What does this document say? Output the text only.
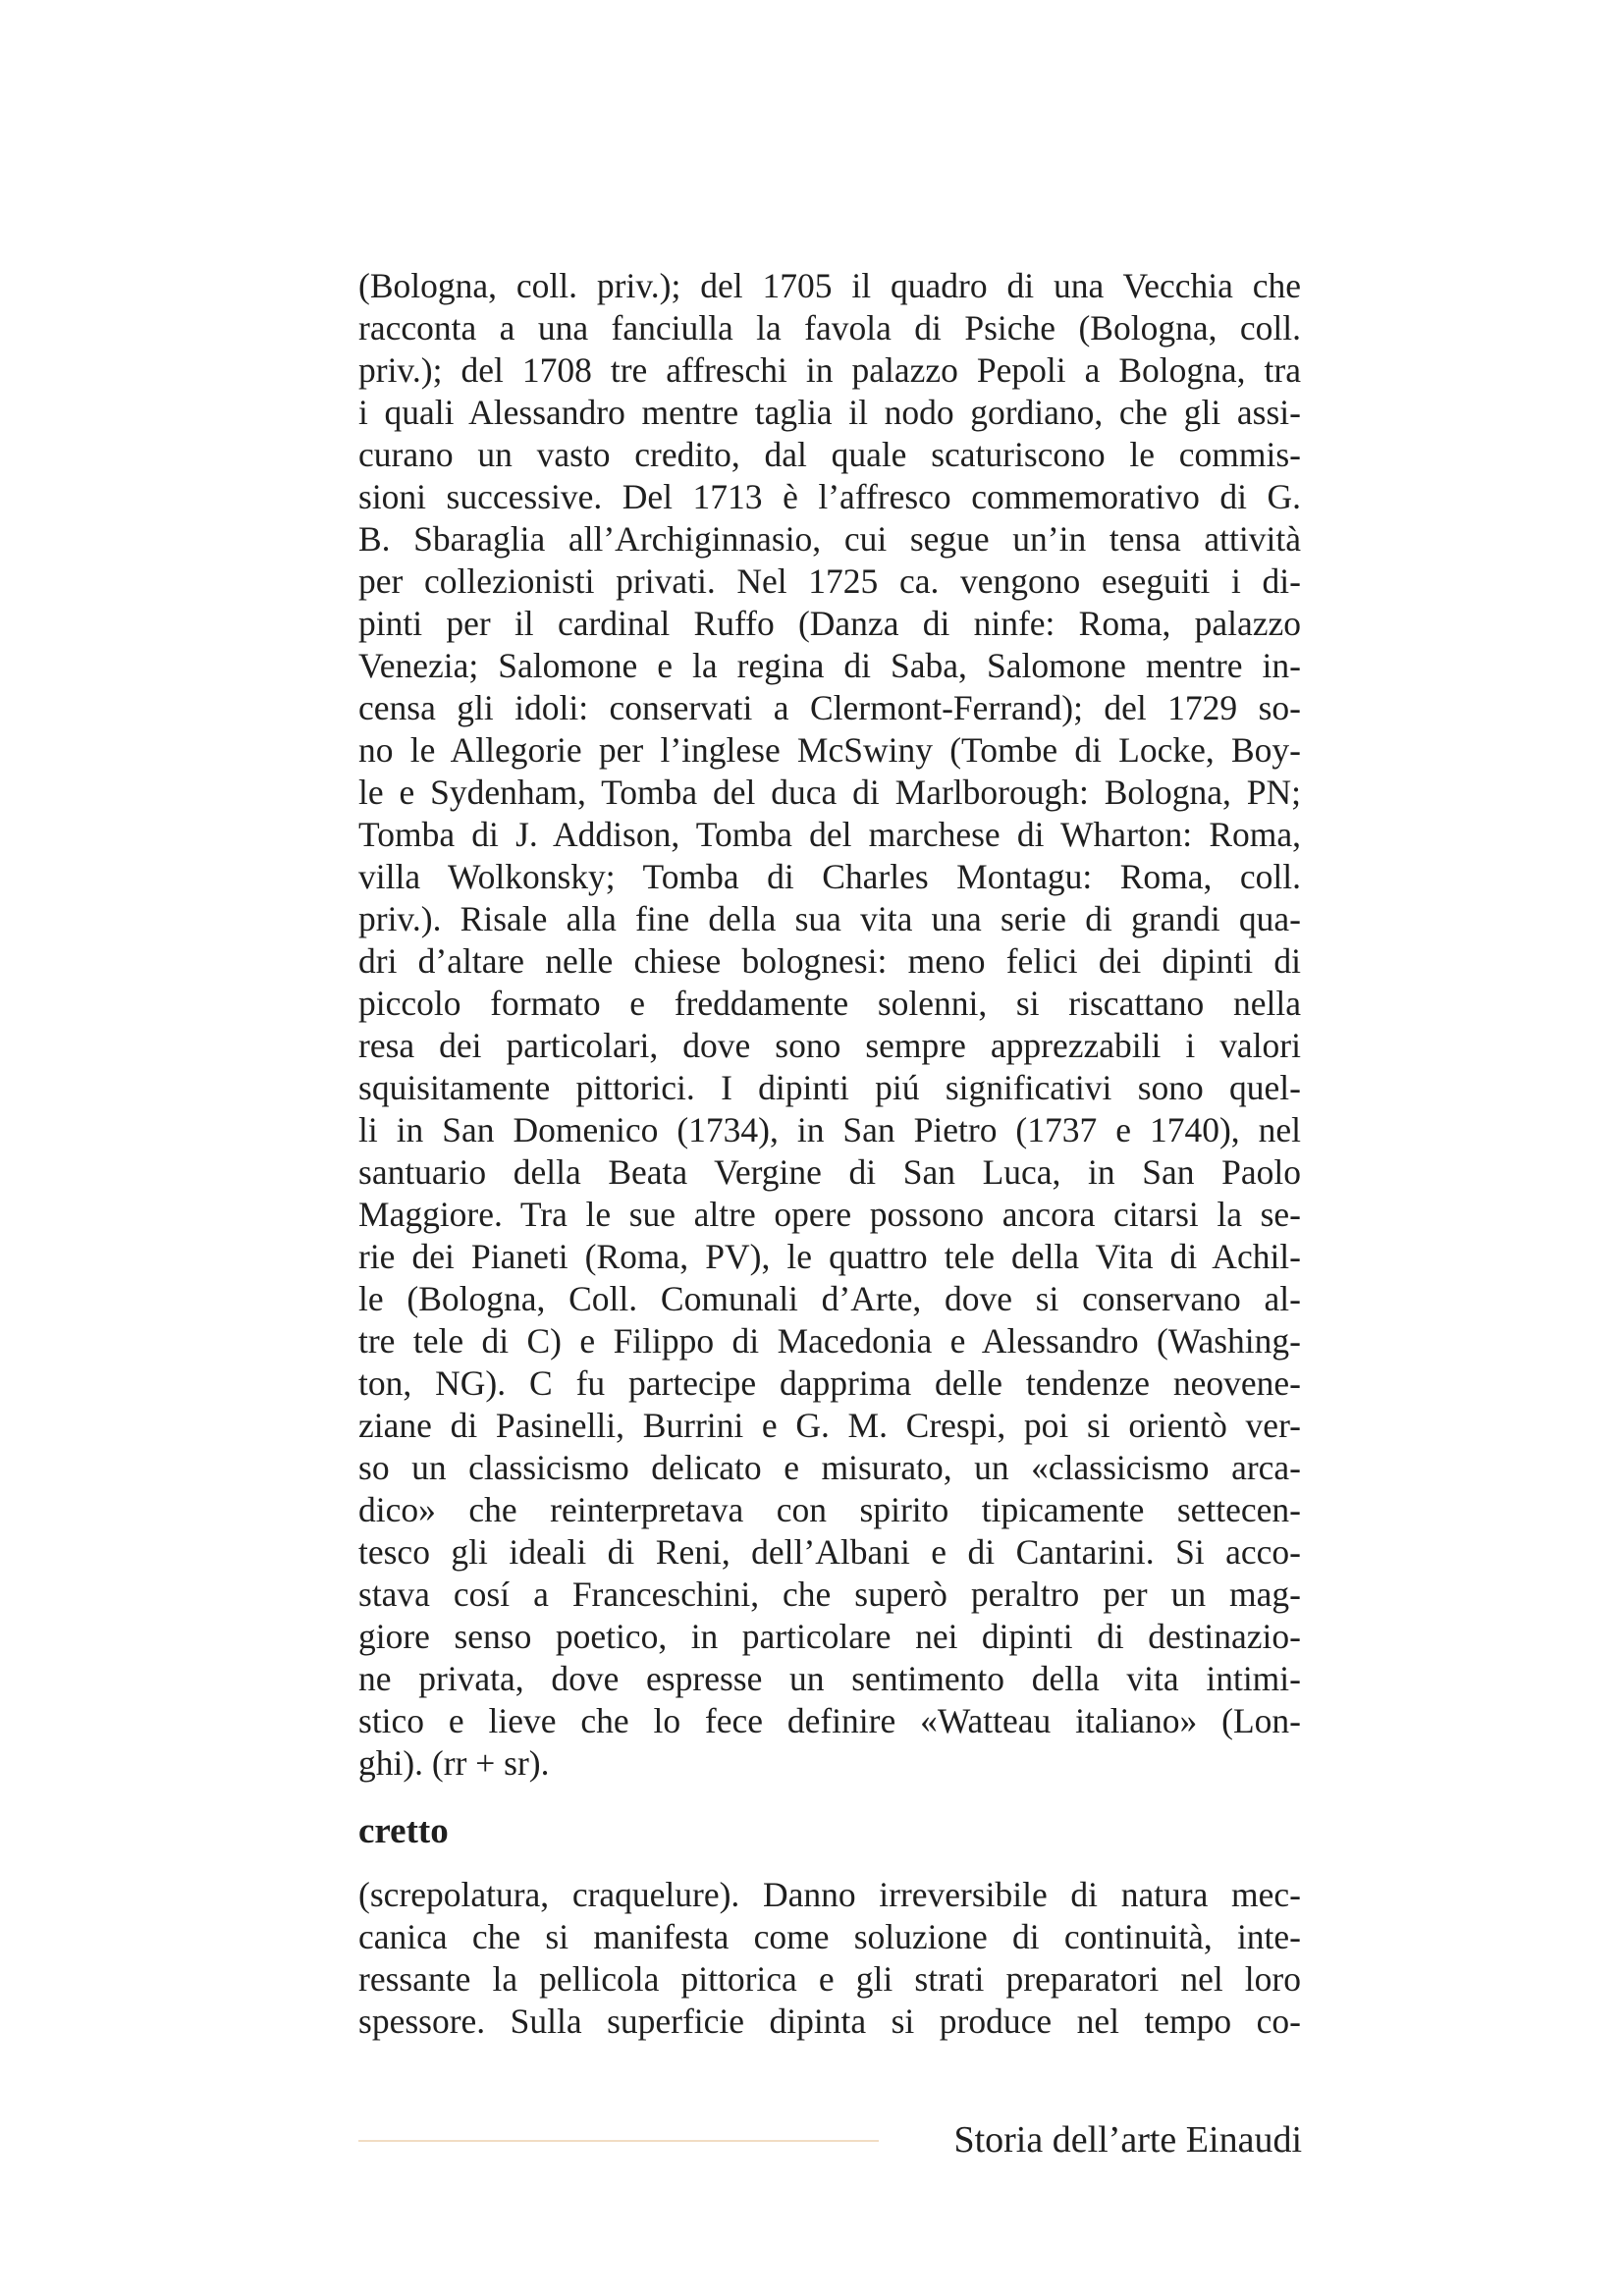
(Bologna, coll. priv.); del 1705 il quadro di una Vecchia che
racconta a una fanciulla la favola di Psiche (Bologna, coll.
priv.); del 1708 tre affreschi in palazzo Pepoli a Bologna, tra
i quali Alessandro mentre taglia il nodo gordiano, che gli assi-
curano un vasto credito, dal quale scaturiscono le commis-
sioni successive. Del 1713 è l’affresco commemorativo di G.
B. Sbaraglia all’Archiginnasio, cui segue un’in tensa attività
per collezionisti privati. Nel 1725 ca. vengono eseguiti i di-
pinti per il cardinal Ruffo (Danza di ninfe: Roma, palazzo
Venezia; Salomone e la regina di Saba, Salomone mentre in-
censa gli idoli: conservati a Clermont-Ferrand); del 1729 so-
no le Allegorie per l’inglese McSwiny (Tombe di Locke, Boy-
le e Sydenham, Tomba del duca di Marlborough: Bologna, PN;
Tomba di J. Addison, Tomba del marchese di Wharton: Roma,
villa Wolkonsky; Tomba di Charles Montagu: Roma, coll.
priv.). Risale alla fine della sua vita una serie di grandi qua-
dri d’altare nelle chiese bolognesi: meno felici dei dipinti di
piccolo formato e freddamente solenni, si riscattano nella
resa dei particolari, dove sono sempre apprezzabili i valori
squisitamente pittorici. I dipinti piú significativi sono quel-
li in San Domenico (1734), in San Pietro (1737 e 1740), nel
santuario della Beata Vergine di San Luca, in San Paolo
Maggiore. Tra le sue altre opere possono ancora citarsi la se-
rie dei Pianeti (Roma, PV), le quattro tele della Vita di Achil-
le (Bologna, Coll. Comunali d’Arte, dove si conservano al-
tre tele di C) e Filippo di Macedonia e Alessandro (Washing-
ton, NG). C fu partecipe dapprima delle tendenze neovene-
ziane di Pasinelli, Burrini e G. M. Crespi, poi si orientò ver-
so un classicismo delicato e misurato, un «classicismo arca-
dico» che reinterpretava con spirito tipicamente settecen-
tesco gli ideali di Reni, dell’Albani e di Cantarini. Si acco-
stava cosí a Franceschini, che superò peraltro per un mag-
giore senso poetico, in particolare nei dipinti di destinazio-
ne privata, dove espresse un sentimento della vita intimi-
stico e lieve che lo fece definire «Watteau italiano» (Lon-
ghi). (rr + sr).
cretto
(screpolatura, craquelure). Danno irreversibile di natura mec-
canica che si manifesta come soluzione di continuità, inte-
ressante la pellicola pittorica e gli strati preparatori nel loro
spessore. Sulla superficie dipinta si produce nel tempo co-
Storia dell’arte Einaudi
